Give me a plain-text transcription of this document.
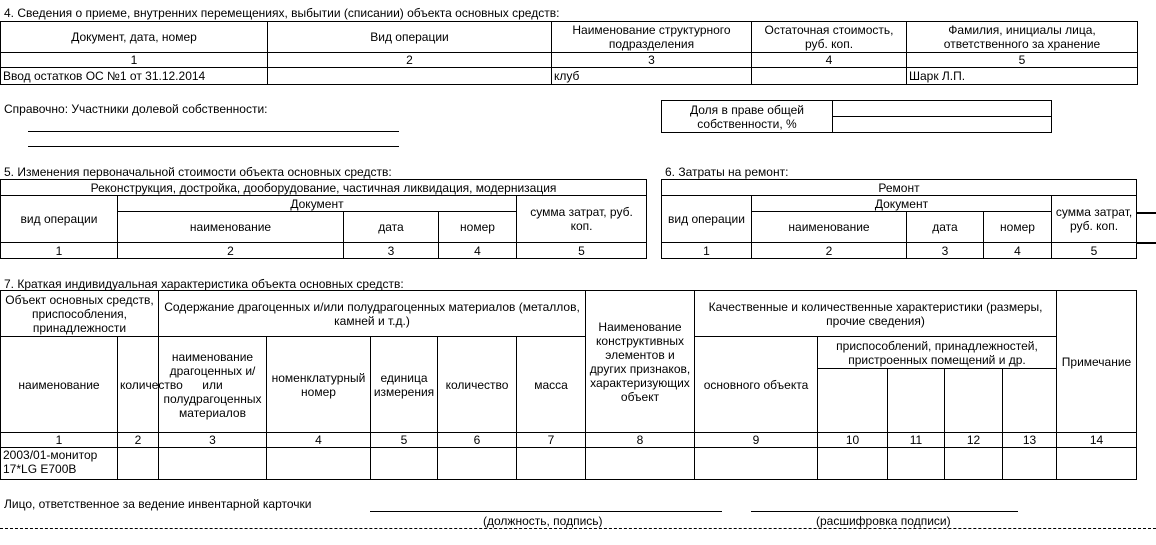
4. Сведения о приеме, внутренних перемещениях, выбытии (списании) объекта основных средств:
Документ, дата, номер	Вид операции	Наименование структурного подразделения	Остаточная стоимость, руб. коп.	Фамилия, инициалы лица, ответственного за хранение
1	2	3	4	5
Ввод остатков ОС №1 от 31.12.2014		клуб		Шарк Л.П.
Справочно: Участники долевой собственности:	Доля в праве общей собственности, %	

5. Изменения первоначальной стоимости объекта основных средств:
Реконструкция, достройка, дооборудование, частичная ликвидация, модернизация				
вид операции	Документ			сумма затрат, руб. коп.
	наименование	дата	номер	
1	2	3	4	5
6. Затраты на ремонт:
Ремонт				
вид операции	Документ			сумма затрат, руб. коп.
	наименование	дата	номер	
1	2	3	4	5
7. Краткая индивидуальная характеристика объекта основных средств:
Объект основных средств, приспособления, принадлежности		Содержание драгоценных и/или полудрагоценных материалов (металлов, камней и т.д.)					Наименование конструктивных элементов и других признаков, характеризующих объект	Качественные и количественные характеристики (размеры, прочие сведения)					Примечание
наименование	количество	наименование драгоценных и/или полудрагоценных материалов	номенклатурный номер	единица измерения	количество	масса		основного объекта	приспособлений, принадлежностей, пристроенных помещений и др.				

1	2	3	4	5	6	7	8	9	10	11	12	13	14
2003/01-монитор 17*LG E700B													
Лицо, ответственное за ведение инвентарной карточки
(должность, подпись)	(расшифровка подписи)
